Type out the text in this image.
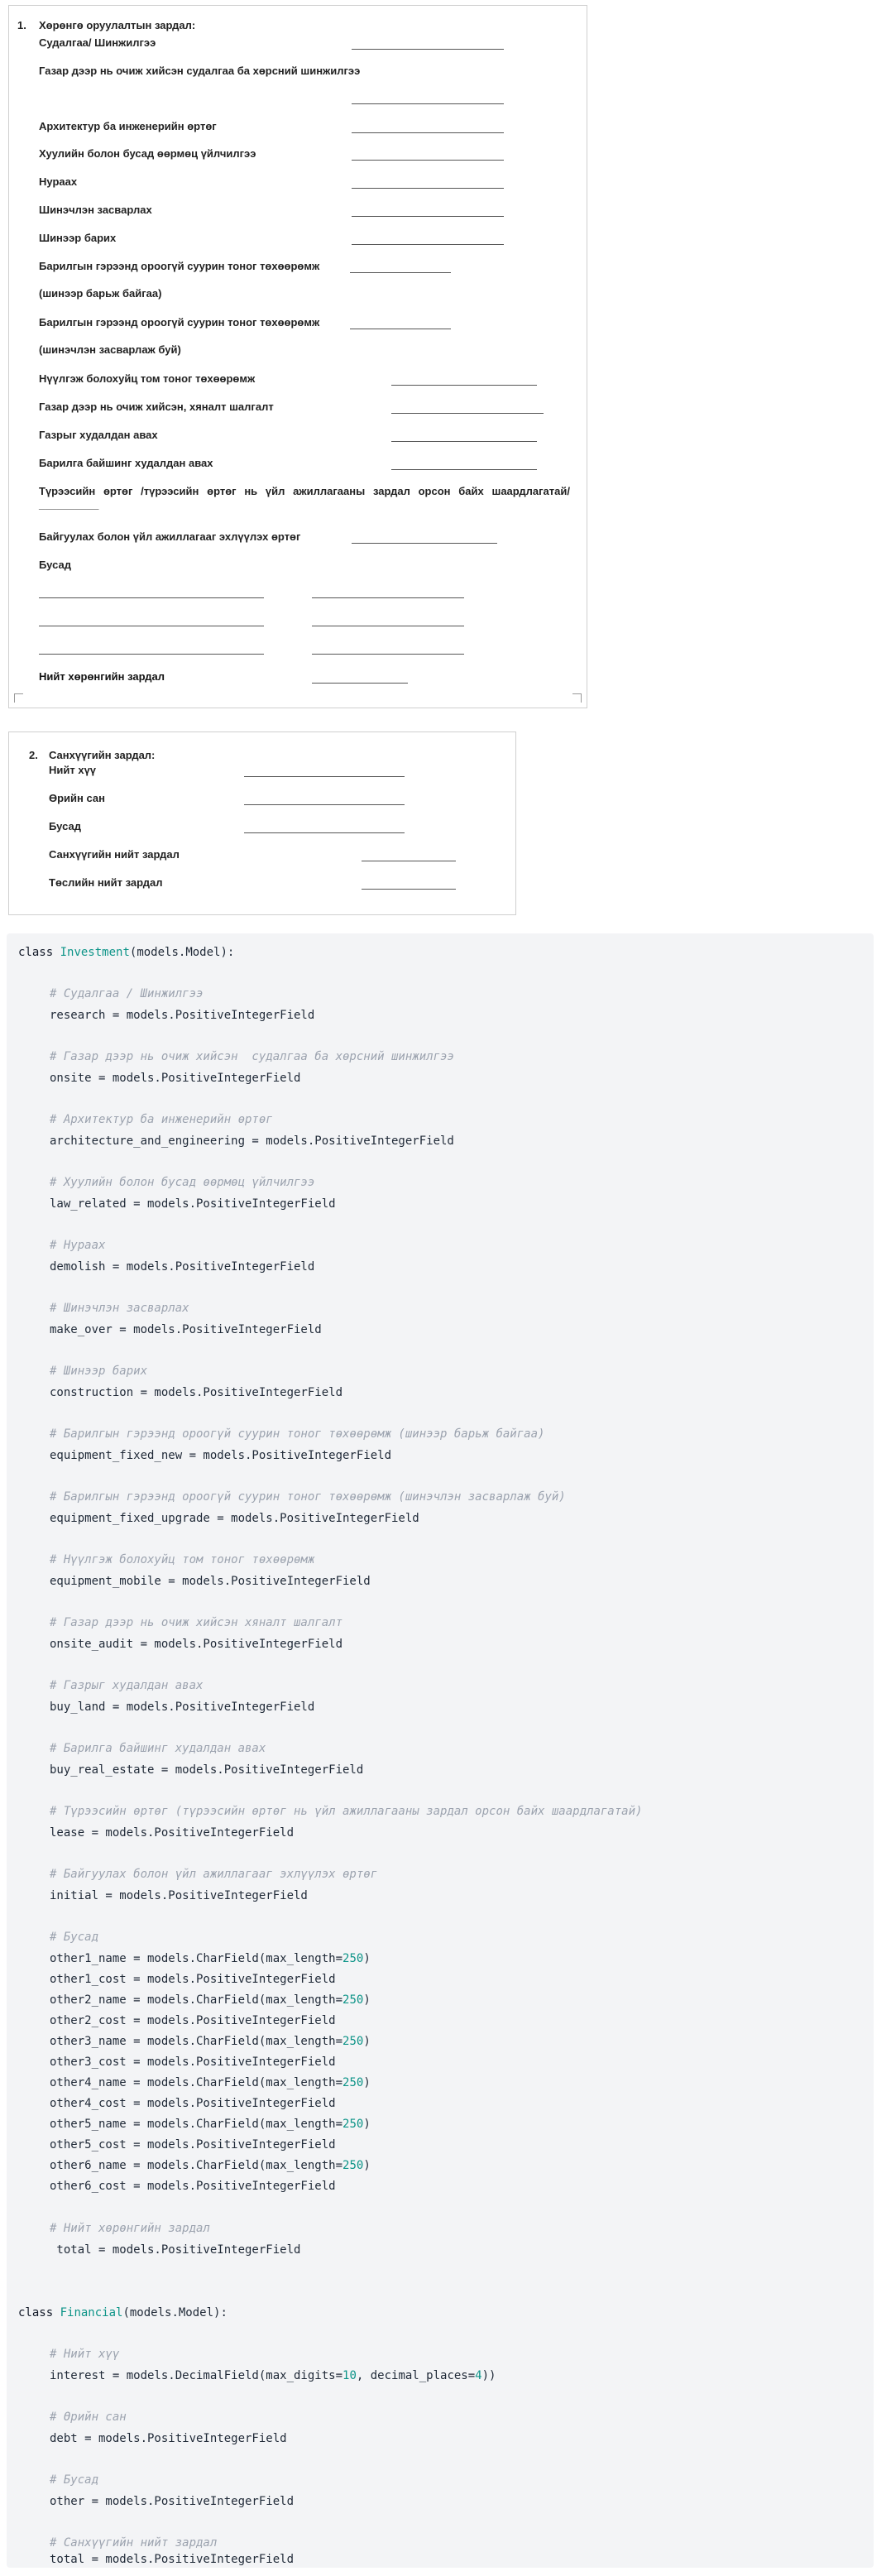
1. Хөрөнгө оруулалтын зардал:
Судалгаа/ Шинжилгээ
Газар дээр нь очиж хийсэн судалгаа ба хөрсний шинжилгээ
Архитектур ба инженерийн өртөг
Хуулийн болон бусад өөрмөц үйлчилгээ
Нураах
Шинэчлэн засварлах
Шинээр барих
Барилгын гэрээнд ороогүй суурин тоног төхөөрөмж
(шинээр барьж байгаа)
Барилгын гэрээнд ороогүй суурин тоног төхөөрөмж
(шинэчлэн засварлаж буй)
Нүүлгэж болохуйц том тоног төхөөрөмж
Газар дээр нь очиж хийсэн, хяналт шалгалт
Газрыг худалдан авах
Барилга байшинг худалдан авах
Түрээсийн өртөг /түрээсийн өртөг нь үйл ажиллагааны зардал орсон байх шаардлагатай/ __________
Байгуулах болон үйл ажиллагааг эхлүүлэх өртөг
Бусад
Нийт хөрөнгийн зардал
2. Санхүүгийн зардал:
Нийт хүү
Өрийн сан
Бусад
Санхүүгийн нийт зардал
Төслийн нийт зардал
class Investment(models.Model):
# Судалгаа / Шинжилгээ
research = models.PositiveIntegerField
# Газар дээр нь очиж хийсэн  судалгаа ба хөрсний шинжилгээ
onsite = models.PositiveIntegerField
# Архитектур ба инженерийн өртөг
architecture_and_engineering = models.PositiveIntegerField
# Хуулийн болон бусад өөрмөц үйлчилгээ
law_related = models.PositiveIntegerField
# Нураах
demolish = models.PositiveIntegerField
# Шинэчлэн засварлах
make_over = models.PositiveIntegerField
# Шинээр барих
construction = models.PositiveIntegerField
# Барилгын гэрээнд ороогүй суурин тоног төхөөрөмж (шинээр барьж байгаа)
equipment_fixed_new = models.PositiveIntegerField
# Барилгын гэрээнд ороогүй суурин тоног төхөөрөмж (шинэчлэн засварлаж буй)
equipment_fixed_upgrade = models.PositiveIntegerField
# Нүүлгэж болохуйц том тоног төхөөрөмж
equipment_mobile = models.PositiveIntegerField
# Газар дээр нь очиж хийсэн хяналт шалгалт
onsite_audit = models.PositiveIntegerField
# Газрыг худалдан авах
buy_land = models.PositiveIntegerField
# Барилга байшинг худалдан авах
buy_real_estate = models.PositiveIntegerField
# Түрээсийн өртөг (түрээсийн өртөг нь үйл ажиллагааны зардал орсон байх шаардлагатай)
lease = models.PositiveIntegerField
# Байгуулах болон үйл ажиллагааг эхлүүлэх өртөг
initial = models.PositiveIntegerField
# Бусад
other1_name = models.CharField(max_length=250)
other1_cost = models.PositiveIntegerField
other2_name = models.CharField(max_length=250)
other2_cost = models.PositiveIntegerField
other3_name = models.CharField(max_length=250)
other3_cost = models.PositiveIntegerField
other4_name = models.CharField(max_length=250)
other4_cost = models.PositiveIntegerField
other5_name = models.CharField(max_length=250)
other5_cost = models.PositiveIntegerField
other6_name = models.CharField(max_length=250)
other6_cost = models.PositiveIntegerField
# Нийт хөрөнгийн зардал
total = models.PositiveIntegerField
class Financial(models.Model):
# Нийт хүү
interest = models.DecimalField(max_digits=10, decimal_places=4))
# Өрийн сан
debt = models.PositiveIntegerField
# Бусад
other = models.PositiveIntegerField
# Санхүүгийн нийт зардал
total = models.PositiveIntegerField
